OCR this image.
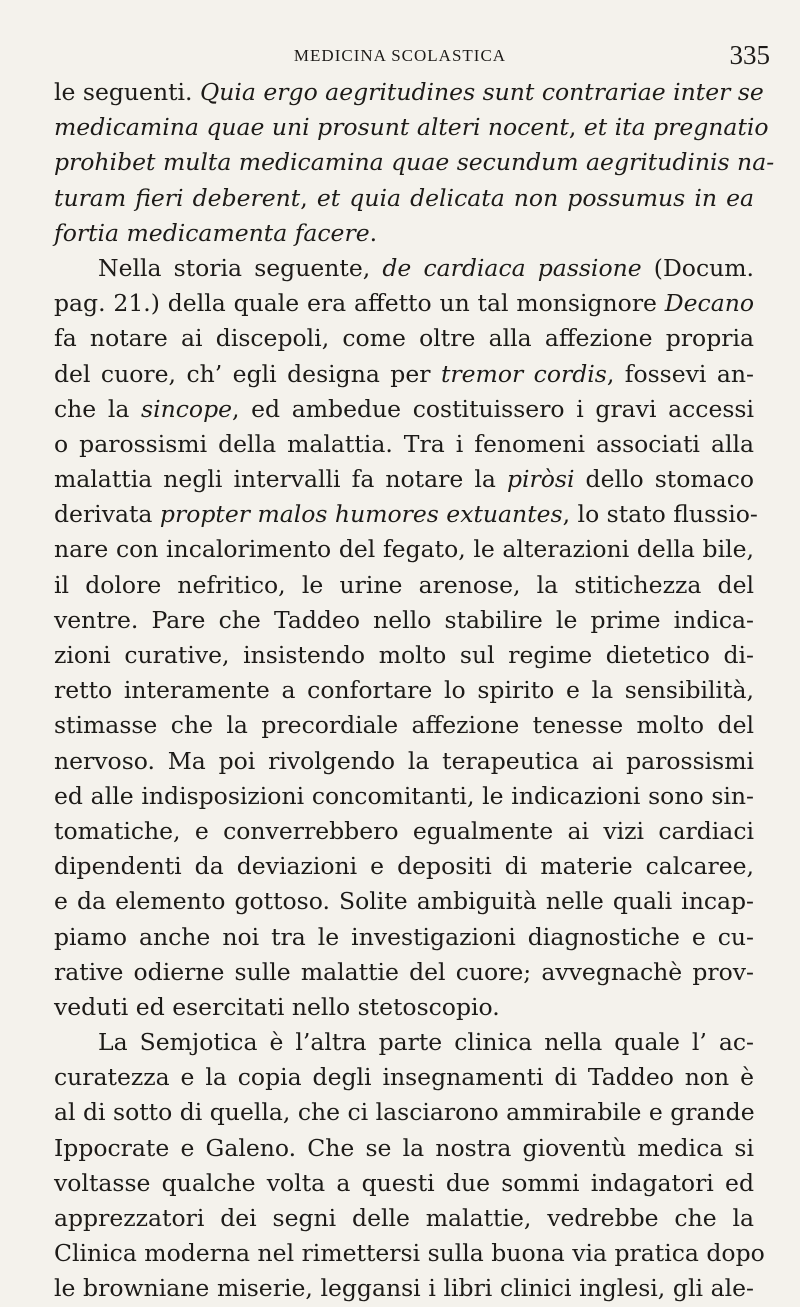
MEDICINA SCOLASTICA	335
le seguenti. Quia ergo aegritudines sunt contrariae inter se
medicamina quae uni prosunt alteri nocent, et ita pregnatio
prohibet multa medicamina quae secundum aegritudinis na-
turam fieri deberent, et quia delicata non possumus in ea
fortia medicamenta facere.
Nella storia seguente, de cardiaca passione (Docum.
pag. 21.) della quale era affetto un tal monsignore Decano
fa notare ai discepoli, come oltre alla affezione propria
del cuore, ch’ egli designa per tremor cordis, fossevi an-
che la sincope, ed ambedue costituissero i gravi accessi
o parossismi della malattia. Tra i fenomeni associati alla
malattia negli intervalli fa notare la piròsi dello stomaco
derivata propter malos humores extuantes, lo stato flussio-
nare con incalorimento del fegato, le alterazioni della bile,
il dolore nefritico, le urine arenose, la stitichezza del
ventre. Pare che Taddeo nello stabilire le prime indica-
zioni curative, insistendo molto sul regime dietetico di-
retto interamente a confortare lo spirito e la sensibilità,
stimasse che la precordiale affezione tenesse molto del
nervoso. Ma poi rivolgendo la terapeutica ai parossismi
ed alle indisposizioni concomitanti, le indicazioni sono sin-
tomatiche, e converrebbero egualmente ai vizi cardiaci
dipendenti da deviazioni e depositi di materie calcaree,
e da elemento gottoso. Solite ambiguità nelle quali incap-
piamo anche noi tra le investigazioni diagnostiche e cu-
rative odierne sulle malattie del cuore; avvegnachè prov-
veduti ed esercitati nello stetoscopio.
La Semjotica è l’altra parte clinica nella quale l’ ac-
curatezza e la copia degli insegnamenti di Taddeo non è
al di sotto di quella, che ci lasciarono ammirabile e grande
Ippocrate e Galeno. Che se la nostra gioventù medica si
voltasse qualche volta a questi due sommi indagatori ed
apprezzatori dei segni delle malattie, vedrebbe che la
Clinica moderna nel rimettersi sulla buona via pratica dopo
le browniane miserie, leggansi i libri clinici inglesi, gli ale-
